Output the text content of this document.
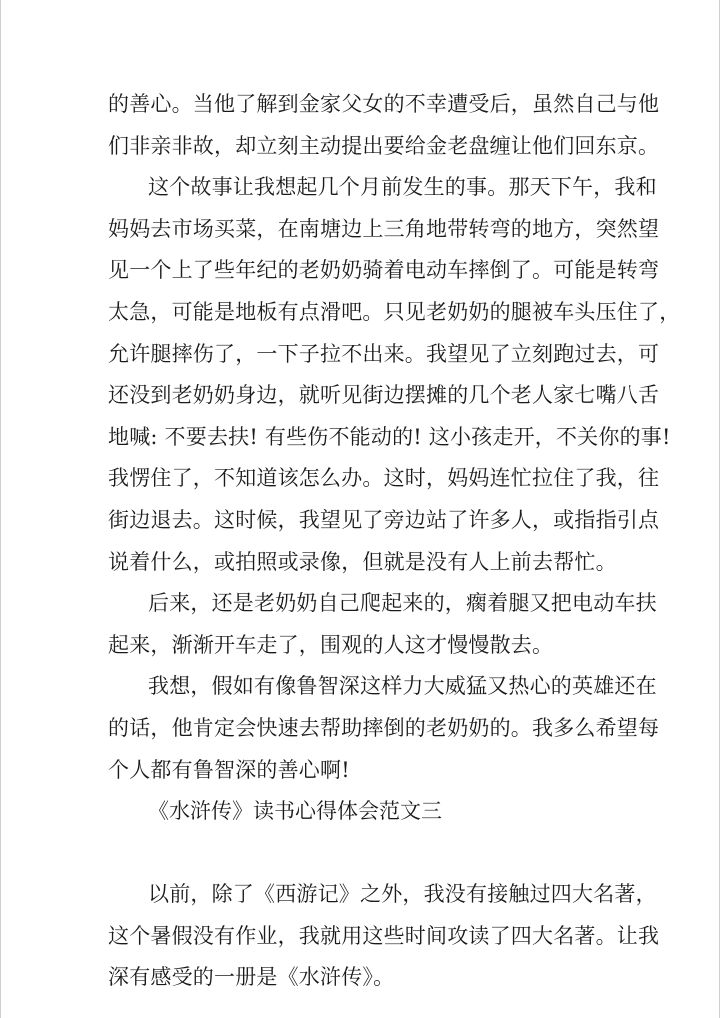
的善心。当他了解到金家父女的不幸遭受后，虽然自己与他
们非亲非故，却立刻主动提出要给金老盘缠让他们回东京。
这个故事让我想起几个月前发生的事。那天下午，我和
妈妈去市场买菜，在南塘边上三角地带转弯的地方，突然望
见一个上了些年纪的老奶奶骑着电动车摔倒了。可能是转弯
太急，可能是地板有点滑吧。只见老奶奶的腿被车头压住了，
允许腿摔伤了，一下子拉不出来。我望见了立刻跑过去，可
还没到老奶奶身边，就听见街边摆摊的几个老人家七嘴八舌
地喊: 不要去扶! 有些伤不能动的! 这小孩走开，不关你的事!
我愣住了，不知道该怎么办。这时，妈妈连忙拉住了我，往
街边退去。这时候，我望见了旁边站了许多人，或指指引点
说着什么，或拍照或录像，但就是没有人上前去帮忙。
后来，还是老奶奶自己爬起来的，瘸着腿又把电动车扶
起来，渐渐开车走了，围观的人这才慢慢散去。
我想，假如有像鲁智深这样力大威猛又热心的英雄还在
的话，他肯定会快速去帮助摔倒的老奶奶的。我多么希望每
个人都有鲁智深的善心啊!
《水浒传》读书心得体会范文三
以前，除了《西游记》之外，我没有接触过四大名著，
这个暑假没有作业，我就用这些时间攻读了四大名著。让我
深有感受的一册是《水浒传》。
